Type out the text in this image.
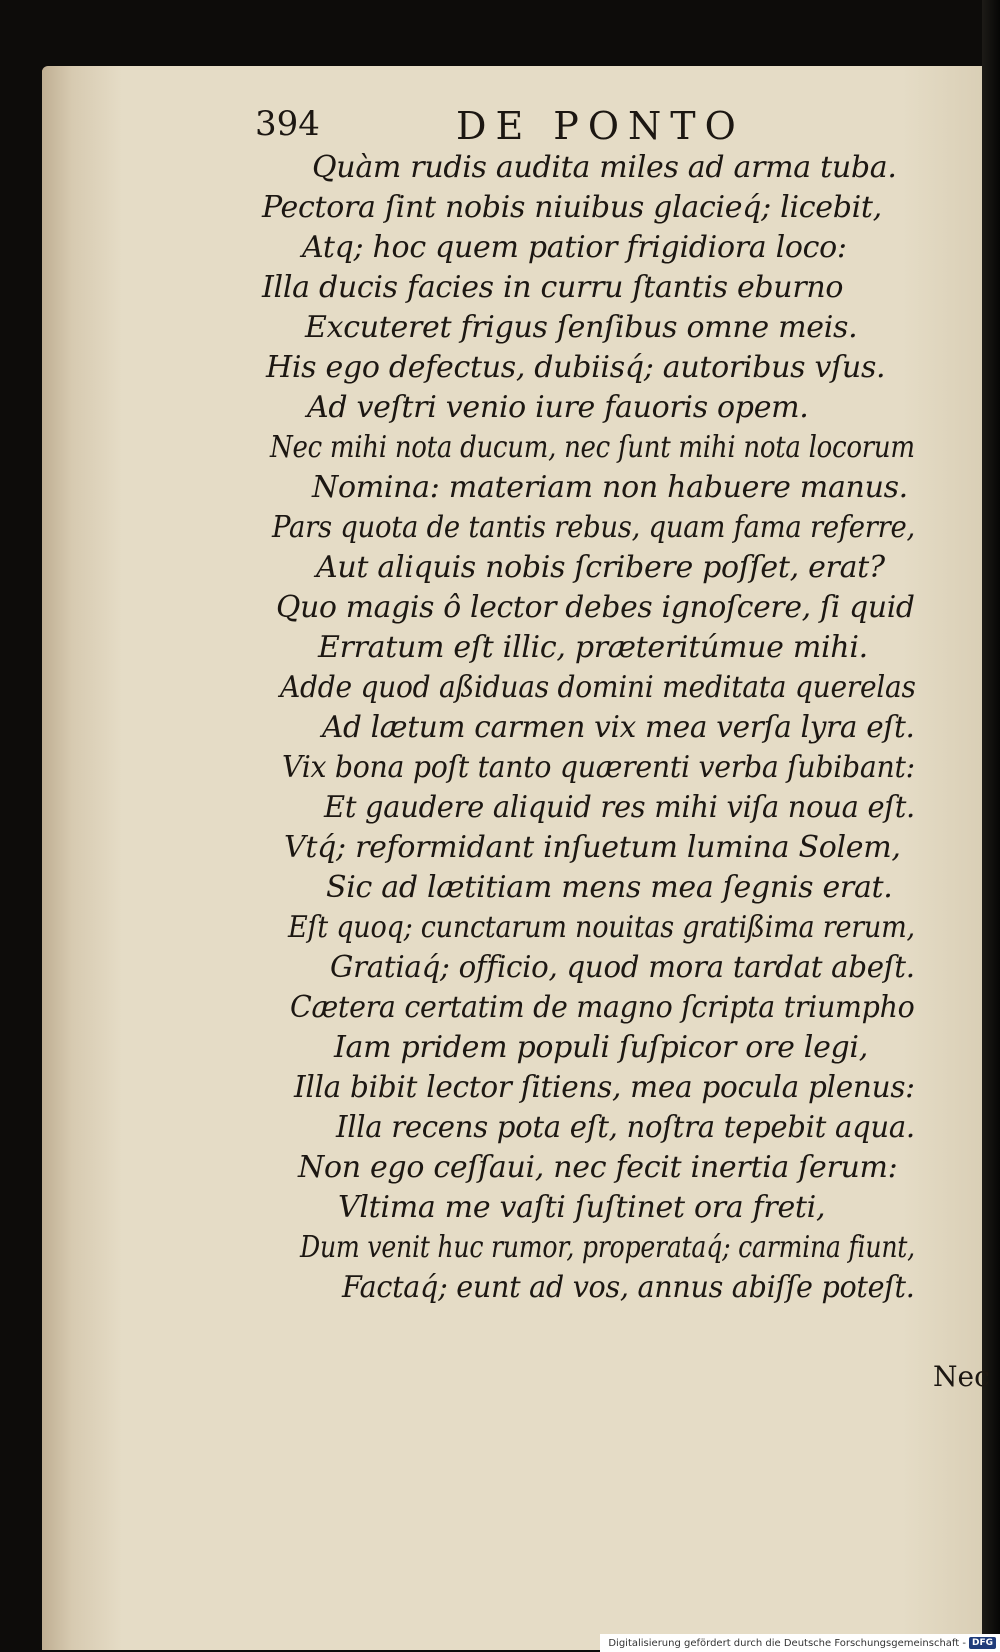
394	DE PONTO
Quàm rudis audita miles ad arma tuba.
Pectora ſint nobis niuibus glacieq́; licebit,
Atq; hoc quem patior frigidiora loco:
Illa ducis facies in curru ſtantis eburno
Excuteret frigus ſenſibus omne meis.
His ego defectus, dubiisq́; autoribus vſus.
Ad veſtri venio iure fauoris opem.
Nec mihi nota ducum, nec ſunt mihi nota locorum
Nomina: materiam non habuere manus.
Pars quota de tantis rebus, quam fama referre,
Aut aliquis nobis ſcribere poſſet, erat?
Quo magis ô lector debes ignoſcere, ſi quid
Erratum eſt illic, præteritúmue mihi.
Adde quod aßiduas domini meditata querelas
Ad lætum carmen vix mea verſa lyra eſt.
Vix bona poſt tanto quærenti verba ſubibant:
Et gaudere aliquid res mihi viſa noua eſt.
Vtq́; reformidant inſuetum lumina Solem,
Sic ad lætitiam mens mea ſegnis erat.
Eſt quoq; cunctarum nouitas gratißima rerum,
Gratiaq́; officio, quod mora tardat abeſt.
Cætera certatim de magno ſcripta triumpho
Iam pridem populi ſuſpicor ore legi,
Illa bibit lector ſitiens, mea pocula plenus:
Illa recens pota eſt, noſtra tepebit aqua.
Non ego ceſſaui, nec fecit inertia ſerum:
Vltima me vaſti ſuſtinet ora freti,
Dum venit huc rumor, properataq́; carmina fiunt,
Factaq́; eunt ad vos, annus abiſſe poteſt.
Nec
Digitalisierung gefördert durch die Deutsche Forschungsgemeinschaft - DFG
